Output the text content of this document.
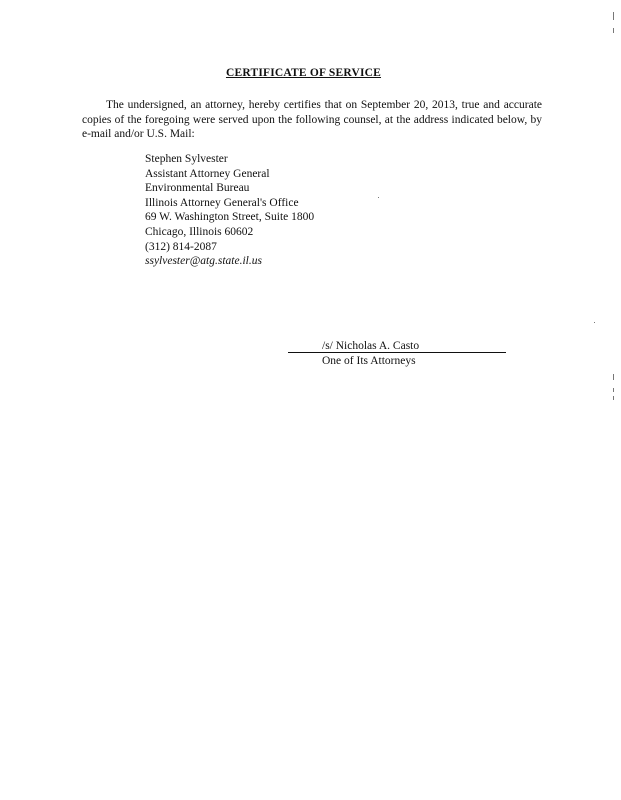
CERTIFICATE OF SERVICE
The undersigned, an attorney, hereby certifies that on September 20, 2013, true and accurate copies of the foregoing were served upon the following counsel, at the address indicated below, by e-mail and/or U.S. Mail:
Stephen Sylvester
Assistant Attorney General
Environmental Bureau
Illinois Attorney General's Office
69 W. Washington Street, Suite 1800
Chicago, Illinois 60602
(312) 814-2087
ssylvester@atg.state.il.us
/s/ Nicholas A. Casto
One of Its Attorneys
